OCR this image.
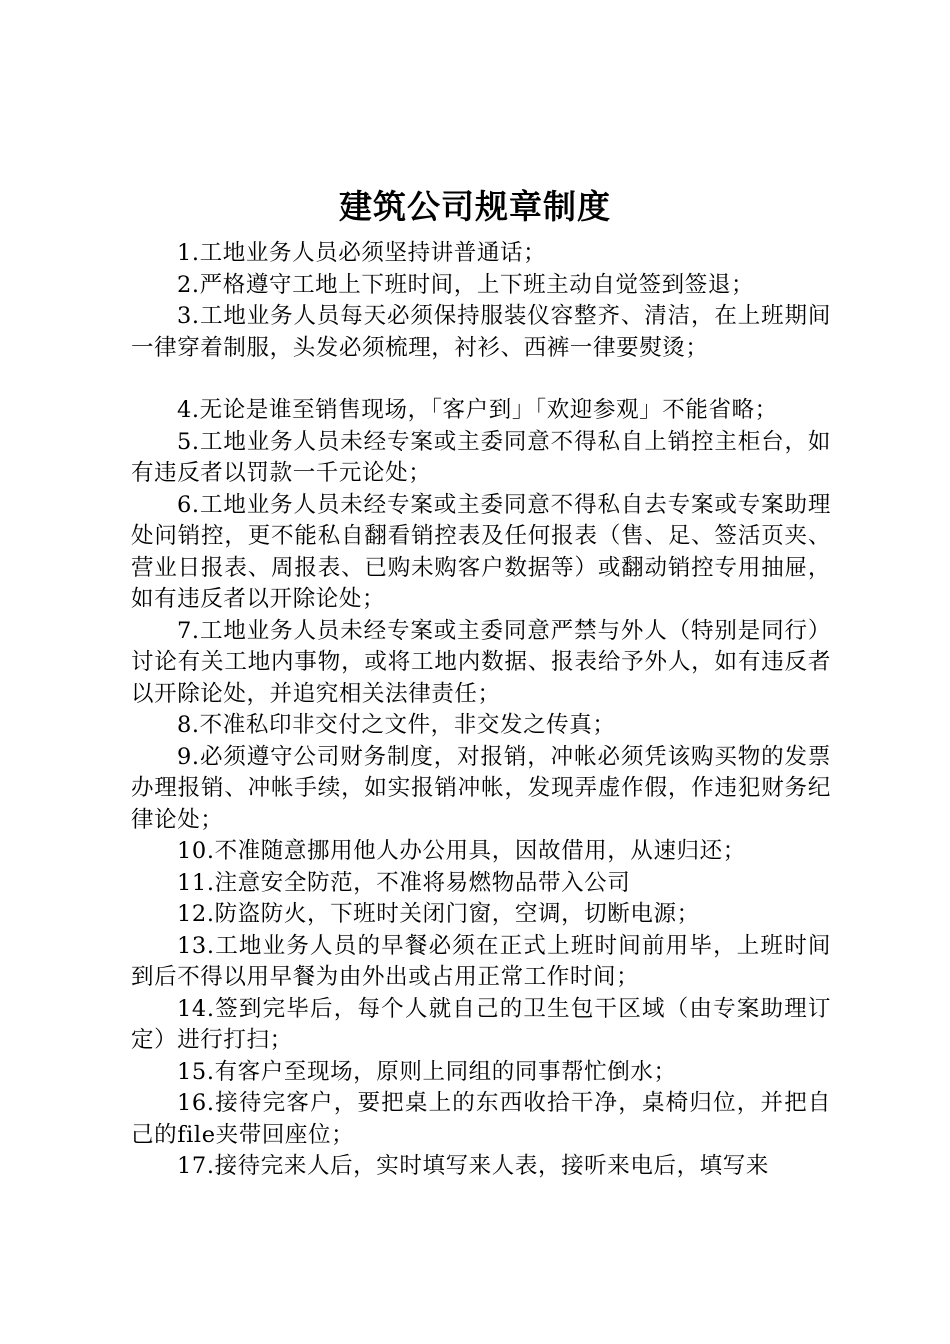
建筑公司规章制度

1.工地业务人员必须坚持讲普通话；

2.严格遵守工地上下班时间，上下班主动自觉签到签退；

3.工地业务人员每天必须保持服装仪容整齐、清洁，在上班期间一律穿着制服，头发必须梳理，衬衫、西裤一律要熨烫；

4.无论是谁至销售现场，「客户到」「欢迎参观」不能省略；

5.工地业务人员未经专案或主委同意不得私自上销控主柜台，如有违反者以罚款一千元论处；

6.工地业务人员未经专案或主委同意不得私自去专案或专案助理处问销控，更不能私自翻看销控表及任何报表（售、足、签活页夹、营业日报表、周报表、已购未购客户数据等）或翻动销控专用抽屉，如有违反者以开除论处；

7.工地业务人员未经专案或主委同意严禁与外人（特别是同行）讨论有关工地内事物，或将工地内数据、报表给予外人，如有违反者以开除论处，并追究相关法律责任；

8.不准私印非交付之文件，非交发之传真；

9.必须遵守公司财务制度，对报销，冲帐必须凭该购买物的发票办理报销、冲帐手续，如实报销冲帐，发现弄虚作假，作违犯财务纪律论处；

10.不准随意挪用他人办公用具，因故借用，从速归还；

11.注意安全防范，不准将易燃物品带入公司

12.防盗防火，下班时关闭门窗，空调，切断电源；

13.工地业务人员的早餐必须在正式上班时间前用毕，上班时间到后不得以用早餐为由外出或占用正常工作时间；

14.签到完毕后，每个人就自己的卫生包干区域（由专案助理订定）进行打扫；

15.有客户至现场，原则上同组的同事帮忙倒水；

16.接待完客户，要把桌上的东西收拾干净，桌椅归位，并把自己的file夹带回座位；

17.接待完来人后，实时填写来人表，接听来电后，填写来
